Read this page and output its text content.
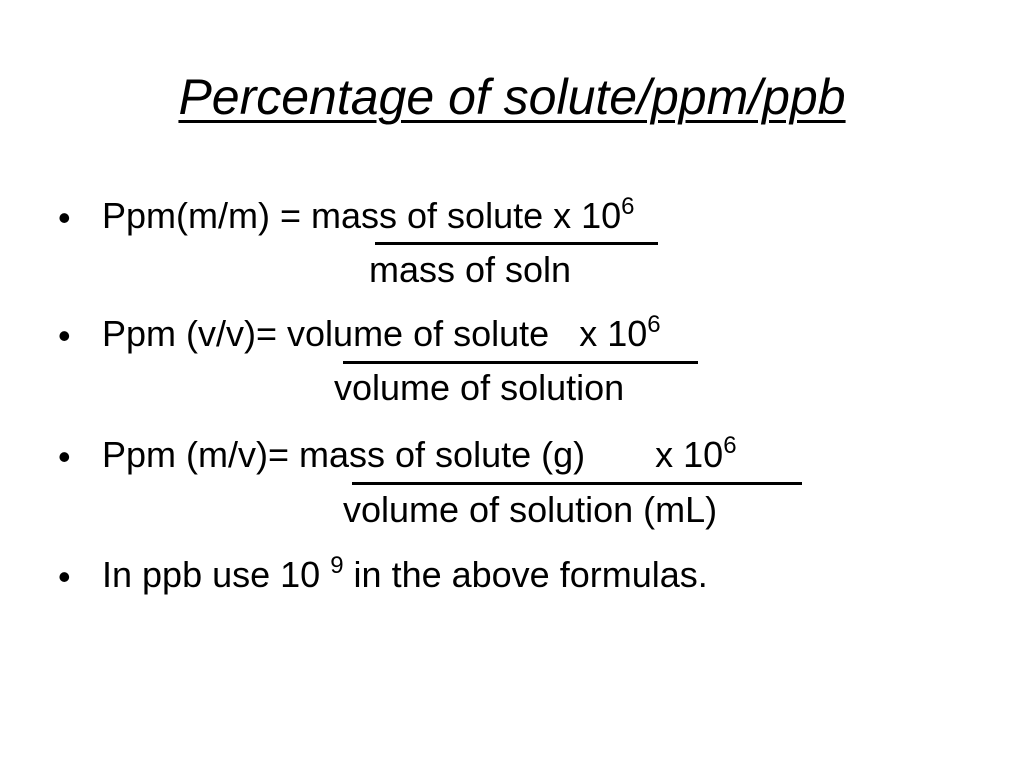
Percentage of solute/ppm/ppb
• Ppm(m/m) = mass of solute x $10^6$
mass of soln
• Ppm (v/v)= volume of solute   x $10^6$
volume of solution
• Ppm (m/v)= mass of solute (g)       x $10^6$
volume of solution (mL)
• In ppb use 10 $^9$ in the above formulas.
